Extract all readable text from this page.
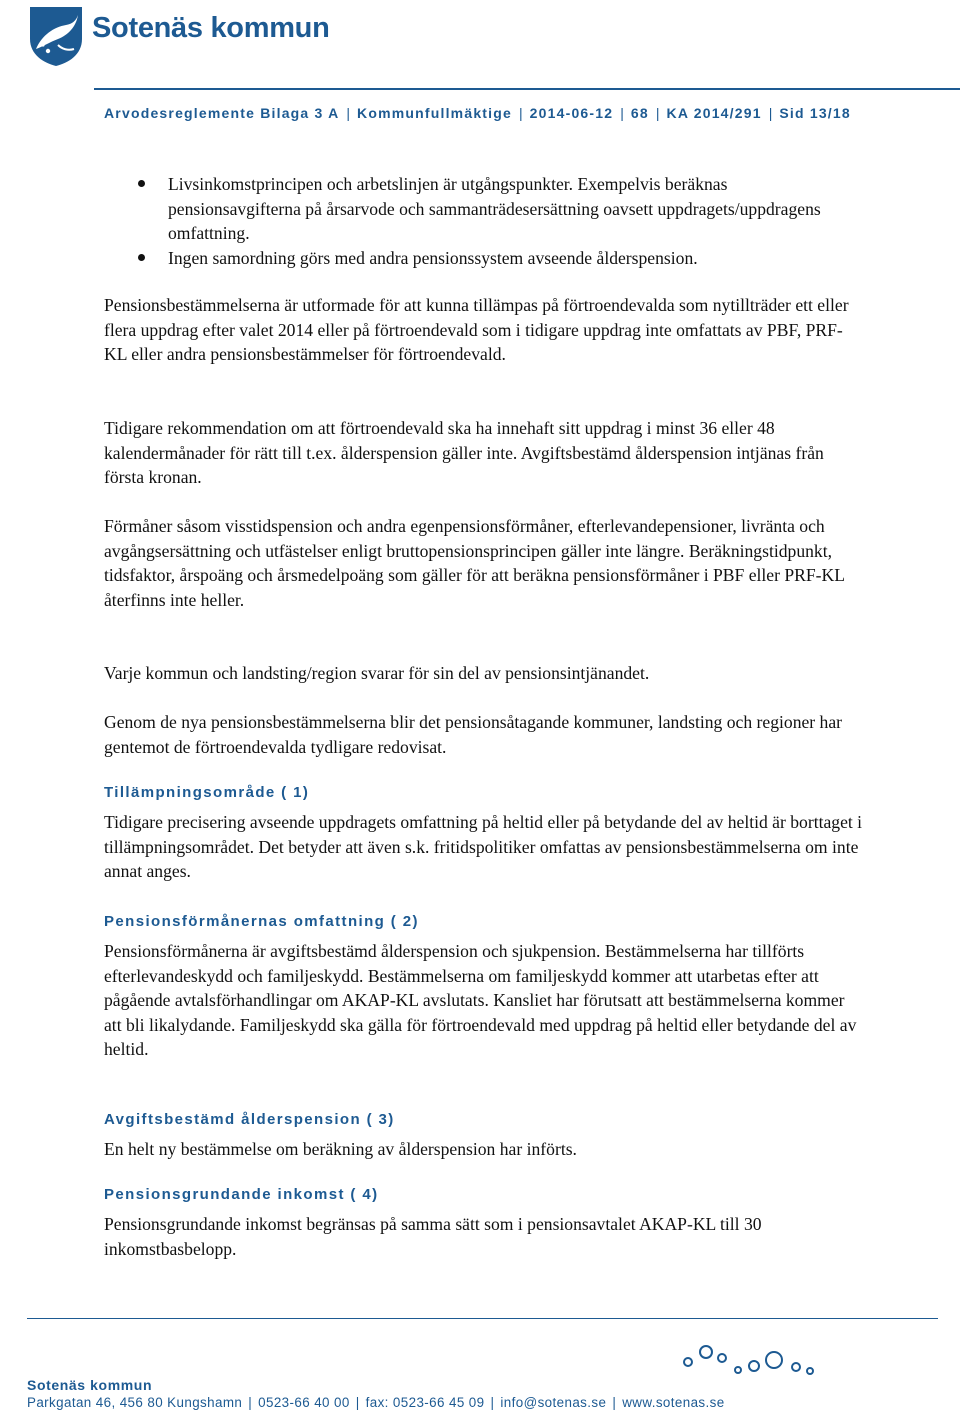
Sotenäs kommun
Arvodesreglemente Bilaga 3 A | Kommunfullmäktige | 2014-06-12 | 68 | KA 2014/291 | Sid 13/18
Livsinkomstprincipen och arbetslinjen är utgångspunkter. Exempelvis beräknas pensionsavgifterna på årsarvode och sammanträdesersättning oavsett uppdragets/uppdragens omfattning.
Ingen samordning görs med andra pensionssystem avseende ålderspension.

Pensionsbestämmelserna är utformade för att kunna tillämpas på förtroendevalda som nytillträder ett eller flera uppdrag efter valet 2014 eller på förtroendevald som i tidigare uppdrag inte omfattats av PBF, PRF-KL eller andra pensionsbestämmelser för förtroendevald.

Tidigare rekommendation om att förtroendevald ska ha innehaft sitt uppdrag i minst 36 eller 48 kalendermånader för rätt till t.ex. ålderspension gäller inte. Avgiftsbestämd ålderspension intjänas från första kronan.

Förmåner såsom visstidspension och andra egenpensionsförmåner, efterlevandepensioner, livränta och avgångsersättning och utfästelser enligt bruttopensionsprincipen gäller inte längre. Beräkningstidpunkt, tidsfaktor, årspoäng och årsmedelpoäng som gäller för att beräkna pensionsförmåner i PBF eller PRF-KL återfinns inte heller.

Varje kommun och landsting/region svarar för sin del av pensionsintjänandet.

Genom de nya pensionsbestämmelserna blir det pensionsåtagande kommuner, landsting och regioner har gentemot de förtroendevalda tydligare redovisat.

Tillämpningsområde ( 1)

Tidigare precisering avseende uppdragets omfattning på heltid eller på betydande del av heltid är borttaget i tillämpningsområdet. Det betyder att även s.k. fritidspolitiker omfattas av pensionsbestämmelserna om inte annat anges.

Pensionsförmånernas omfattning ( 2)

Pensionsförmånerna är avgiftsbestämd ålderspension och sjukpension. Bestämmelserna har tillförts efterlevandeskydd och familjeskydd. Bestämmelserna om familjeskydd kommer att utarbetas efter att pågående avtalsförhandlingar om AKAP-KL avslutats. Kansliet har förutsatt att bestämmelserna kommer att bli likalydande. Familjeskydd ska gälla för förtroendevald med uppdrag på heltid eller betydande del av heltid.

Avgiftsbestämd ålderspension ( 3)

En helt ny bestämmelse om beräkning av ålderspension har införts.

Pensionsgrundande inkomst ( 4)

Pensionsgrundande inkomst begränsas på samma sätt som i pensionsavtalet AKAP-KL till 30 inkomstbasbelopp.

Sotenäs kommun
Parkgatan 46, 456 80 Kungshamn | 0523-66 40 00 | fax: 0523-66 45 09 | info@sotenas.se | www.sotenas.se
